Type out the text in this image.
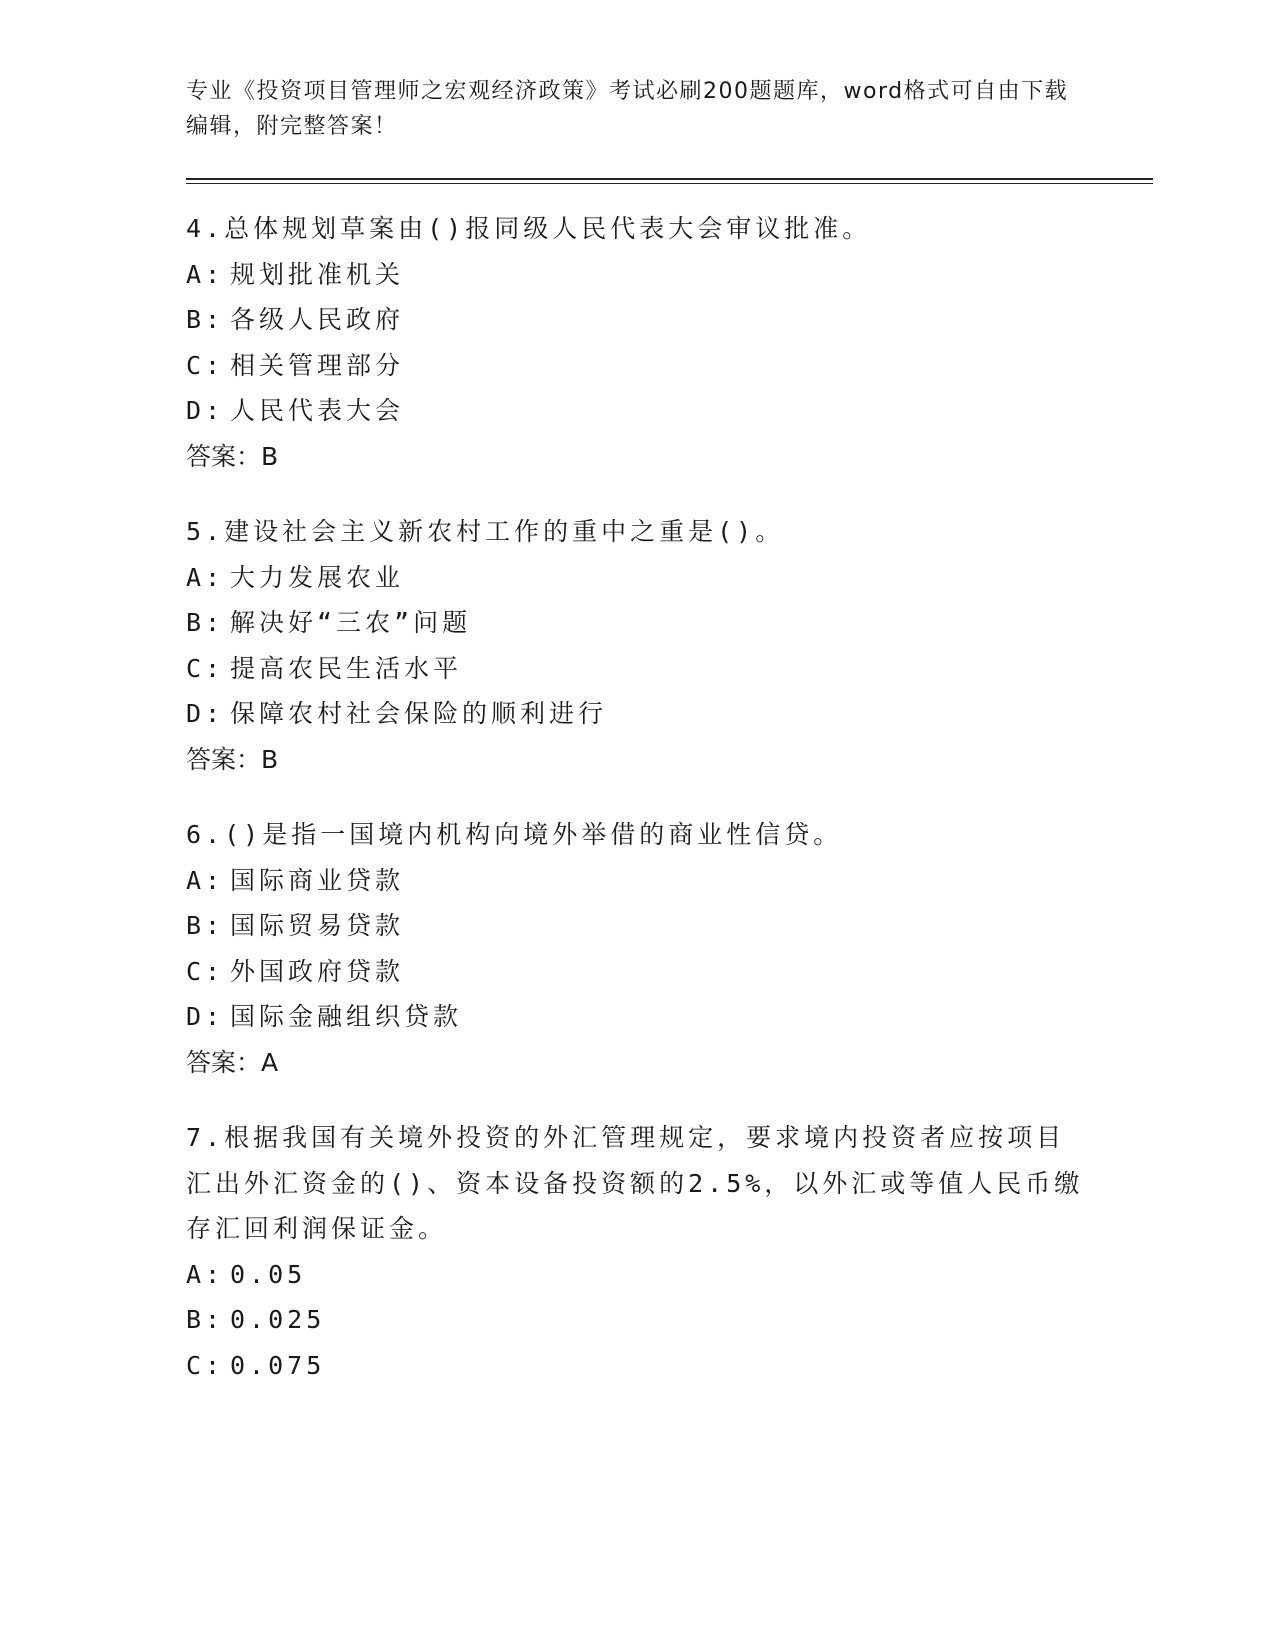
专业《投资项目管理师之宏观经济政策》考试必刷200题题库，word格式可自由下载编辑，附完整答案！

4.总体规划草案由()报同级人民代表大会审议批准。

A: 规划批准机关
B: 各级人民政府
C: 相关管理部分
D: 人民代表大会
答案：B

5.建设社会主义新农村工作的重中之重是()。

A: 大力发展农业
B: 解决好“三农”问题
C: 提高农民生活水平
D: 保障农村社会保险的顺利进行
答案：B

6.()是指一国境内机构向境外举借的商业性信贷。

A: 国际商业贷款
B: 国际贸易贷款
C: 外国政府贷款
D: 国际金融组织贷款
答案：A

7.根据我国有关境外投资的外汇管理规定，要求境内投资者应按项目汇出外汇资金的()、资本设备投资额的2.5%，以外汇或等值人民币缴存汇回利润保证金。

A: 0.05
B: 0.025
C: 0.075
